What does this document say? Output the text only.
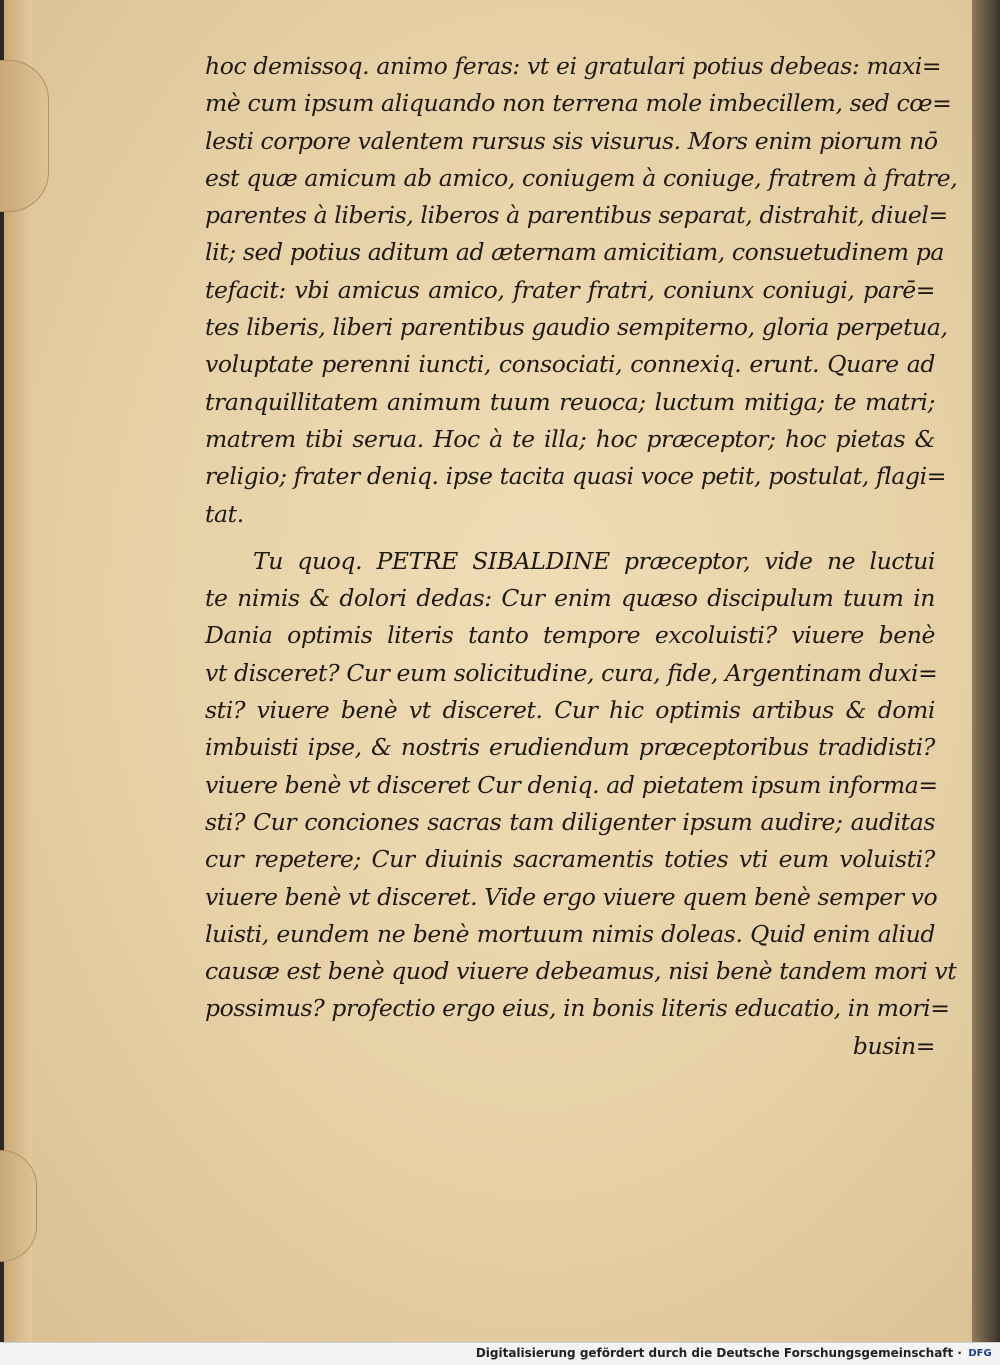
hoc demissoq. animo feras: vt ei gratulari potius debeas: maxi=
mè cum ipsum aliquando non terrena mole imbecillem, sed cœ=
lesti corpore valentem rursus sis visurus. Mors enim piorum nō
est quæ amicum ab amico, coniugem à coniuge, fratrem à fratre,
parentes à liberis, liberos à parentibus separat, distrahit, diuel=
lit; sed potius aditum ad æternam amicitiam, consuetudinem pa
tefacit: vbi amicus amico, frater fratri, coniunx coniugi, parē=
tes liberis, liberi parentibus gaudio sempiterno, gloria perpetua,
voluptate perenni iuncti, consociati, connexiq. erunt. Quare ad
tranquillitatem animum tuum reuoca; luctum mitiga; te matri;
matrem tibi serua. Hoc à te illa; hoc præceptor; hoc pietas &
religio; frater deniq. ipse tacita quasi voce petit, postulat, flagi=
tat.
Tu quoq. PETRE SIBALDINE præceptor, vide ne luctui
te nimis & dolori dedas: Cur enim quæso discipulum tuum in
Dania optimis literis tanto tempore excoluisti? viuere benè
vt disceret? Cur eum solicitudine, cura, fide, Argentinam duxi=
sti? viuere benè vt disceret. Cur hic optimis artibus & domi
imbuisti ipse, & nostris erudiendum præceptoribus tradidisti?
viuere benè vt disceret Cur deniq. ad pietatem ipsum informa=
sti? Cur conciones sacras tam diligenter ipsum audire; auditas
cur repetere; Cur diuinis sacramentis toties vti eum voluisti?
viuere benè vt disceret. Vide ergo viuere quem benè semper vo
luisti, eundem ne benè mortuum nimis doleas. Quid enim aliud
causæ est benè quod viuere debeamus, nisi benè tandem mori vt
possimus? profectio ergo eius, in bonis literis educatio, in mori=
busin=
Digitalisierung gefördert durch die Deutsche Forschungsgemeinschaft · DFG
